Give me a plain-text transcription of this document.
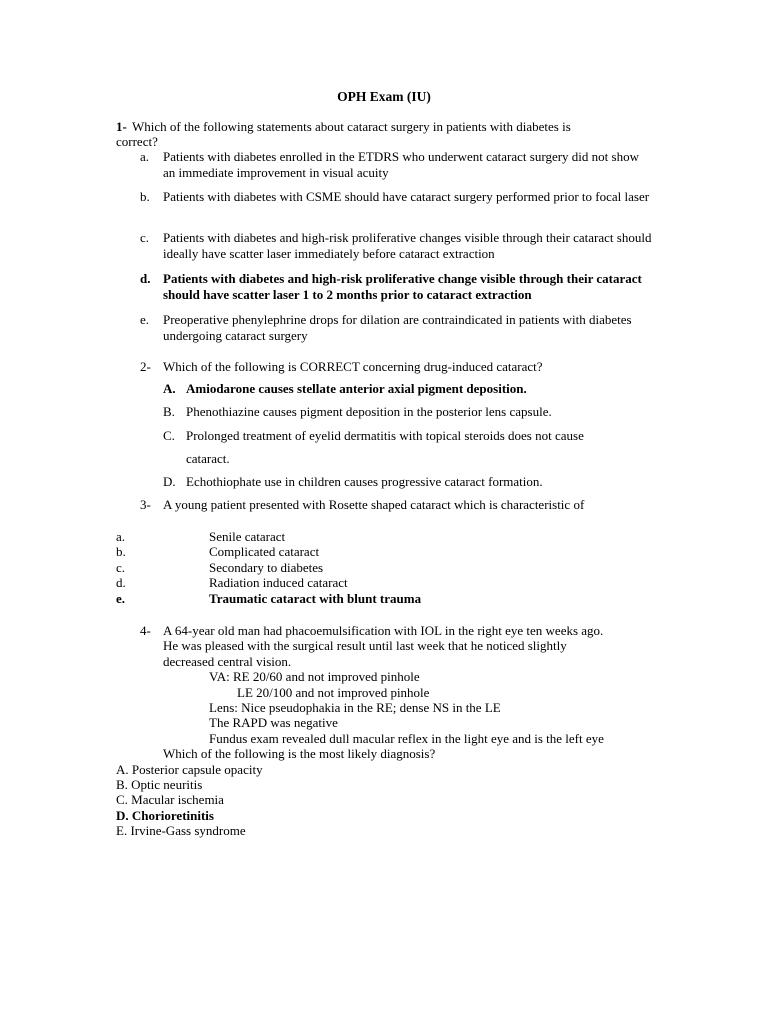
OPH Exam (IU)
1- Which of the following statements about cataract surgery in patients with diabetes is
correct?
a. Patients with diabetes enrolled in the ETDRS who underwent cataract surgery did not show an immediate improvement in visual acuity
b. Patients with diabetes with CSME should have cataract surgery performed prior to focal laser
c. Patients with diabetes and high-risk proliferative changes visible through their cataract should ideally have scatter laser immediately before cataract extraction
d. Patients with diabetes and high-risk proliferative change visible through their cataract should have scatter laser 1 to 2 months prior to cataract extraction
e. Preoperative phenylephrine drops for dilation are contraindicated in patients with diabetes undergoing cataract surgery
2- Which of the following is CORRECT concerning drug-induced cataract?
A. Amiodarone causes stellate anterior axial pigment deposition.
B. Phenothiazine causes pigment deposition in the posterior lens capsule.
C. Prolonged treatment of eyelid dermatitis with topical steroids does not cause
cataract.
D. Echothiophate use in children causes progressive cataract formation.
3- A young patient presented with Rosette shaped cataract which is characteristic of
a.	Senile cataract
b.	Complicated cataract
c.	Secondary to diabetes
d.	Radiation induced cataract
e.	Traumatic cataract with blunt trauma
4- A 64-year old man had phacoemulsification with IOL in the right eye ten weeks ago.
He was pleased with the surgical result until last week that he noticed slightly
decreased central vision.
VA: RE 20/60 and not improved pinhole
LE 20/100 and not improved pinhole
Lens: Nice pseudophakia in the RE; dense NS in the LE
The RAPD was negative
Fundus exam revealed dull macular reflex in the light eye and is the left eye
Which of the following is the most likely diagnosis?
A. Posterior capsule opacity
B. Optic neuritis
C. Macular ischemia
D. Chorioretinitis
E. Irvine-Gass syndrome
